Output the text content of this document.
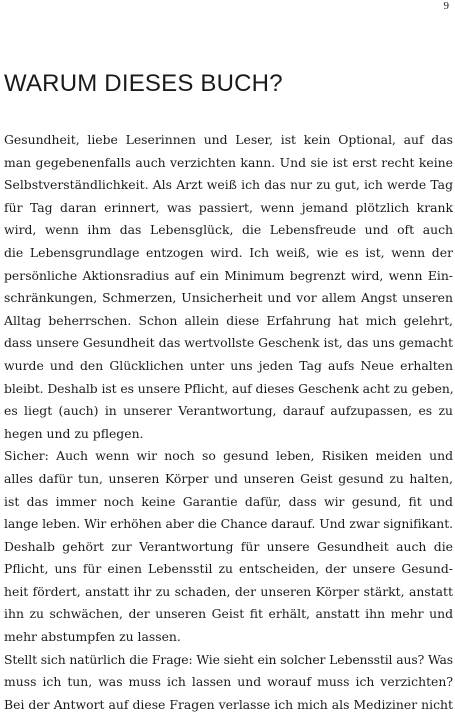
9
WARUM DIESES BUCH?
Gesundheit, liebe Leserinnen und Leser, ist kein Optional, auf das
man gegebenenfalls auch verzichten kann. Und sie ist erst recht keine
Selbstverständlichkeit. Als Arzt weiß ich das nur zu gut, ich werde Tag
für Tag daran erinnert, was passiert, wenn jemand plötzlich krank
wird, wenn ihm das Lebensglück, die Lebensfreude und oft auch
die Lebensgrundlage entzogen wird. Ich weiß, wie es ist, wenn der
persönliche Aktionsradius auf ein Minimum begrenzt wird, wenn Ein-
schränkungen, Schmerzen, Unsicherheit und vor allem Angst unseren
Alltag beherrschen. Schon allein diese Erfahrung hat mich gelehrt,
dass unsere Gesundheit das wertvollste Geschenk ist, das uns gemacht
wurde und den Glücklichen unter uns jeden Tag aufs Neue erhalten
bleibt. Deshalb ist es unsere Pflicht, auf dieses Geschenk acht zu geben,
es liegt (auch) in unserer Verantwortung, darauf aufzupassen, es zu
hegen und zu pflegen.
Sicher: Auch wenn wir noch so gesund leben, Risiken meiden und
alles dafür tun, unseren Körper und unseren Geist gesund zu halten,
ist das immer noch keine Garantie dafür, dass wir gesund, fit und
lange leben. Wir erhöhen aber die Chance darauf. Und zwar signifikant.
Deshalb gehört zur Verantwortung für unsere Gesundheit auch die
Pflicht, uns für einen Lebensstil zu entscheiden, der unsere Gesund-
heit fördert, anstatt ihr zu schaden, der unseren Körper stärkt, anstatt
ihn zu schwächen, der unseren Geist fit erhält, anstatt ihn mehr und
mehr abstumpfen zu lassen.
Stellt sich natürlich die Frage: Wie sieht ein solcher Lebensstil aus? Was
muss ich tun, was muss ich lassen und worauf muss ich verzichten?
Bei der Antwort auf diese Fragen verlasse ich mich als Mediziner nicht
